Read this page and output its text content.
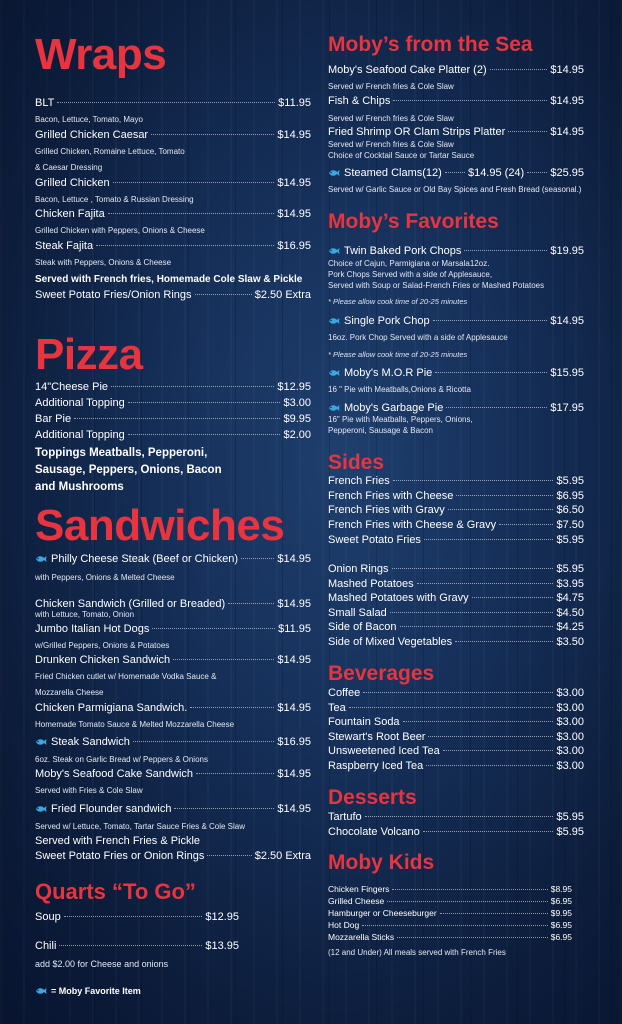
Wraps
BLT	$11.95
Bacon, Lettuce, Tomato, Mayo
Grilled Chicken Caesar	$14.95
Grilled Chicken, Romaine Lettuce, Tomato
& Caesar Dressing
Grilled Chicken	$14.95
Bacon, Lettuce , Tomato & Russian Dressing
Chicken Fajita	$14.95
Grilled Chicken with Peppers, Onions & Cheese
Steak Fajita	$16.95
Steak with Peppers, Onions & Cheese
Served with French fries, Homemade Cole Slaw & Pickle
Sweet Potato Fries/Onion Rings	$2.50 Extra
Pizza
14"Cheese Pie	$12.95
Additional Topping	$3.00
Bar Pie	$9.95
Additional Topping	$2.00
Toppings Meatballs, Pepperoni,
Sausage, Peppers, Onions, Bacon
and Mushrooms
Sandwiches
Philly Cheese Steak (Beef or Chicken)	$14.95
with Peppers, Onions & Melted Cheese
Chicken Sandwich (Grilled or Breaded)	$14.95
with Lettuce, Tomato, Onion
Jumbo Italian Hot Dogs	$11.95
w/Grilled Peppers, Onions & Potatoes
Drunken Chicken Sandwich	$14.95
Fried Chicken cutlet w/ Homemade Vodka Sauce &
Mozzarella Cheese
Chicken Parmigiana Sandwich.	$14.95
Homemade Tomato Sauce & Melted Mozzarella Cheese
Steak Sandwich	$16.95
6oz. Steak on Garlic Bread w/ Peppers & Onions
Moby's Seafood Cake Sandwich	$14.95
Served with Fries & Cole Slaw
Fried Flounder sandwich	$14.95
Served w/ Lettuce, Tomato, Tartar Sauce Fries & Cole Slaw
Served with French Fries & Pickle
Sweet Potato Fries or Onion Rings	$2.50 Extra
Quarts “To Go”
Soup	$12.95
Chili	$13.95
add $2.00 for Cheese and onions
= Moby Favorite Item
Moby’s from the Sea
Moby's Seafood Cake Platter (2)	$14.95
Served w/ French fries & Cole Slaw
Fish & Chips	$14.95
Served w/ French fries & Cole Slaw
Fried Shrimp OR Clam Strips Platter	$14.95
Served w/ French fries & Cole Slaw
Choice of Cocktail Sauce or Tartar Sauce
Steamed Clams(12) $14.95 (24) $25.95
Served w/ Garlic Sauce or Old Bay Spices and Fresh Bread (seasonal.)
Moby’s Favorites
Twin Baked Pork Chops	$19.95
Choice of Cajun, Parmigiana or Marsala12oz.
Pork Chops Served with a side of Applesauce,
Served with Soup or Salad-French Fries or Mashed Potatoes
* Please allow cook time of 20-25 minutes
Single Pork Chop	$14.95
16oz. Pork Chop Served with a side of Applesauce
* Please allow cook time of 20-25 minutes
Moby's M.O.R Pie	$15.95
16 " Pie with Meatballs,Onions & Ricotta
Moby's Garbage Pie	$17.95
16" Pie with Meatballs, Peppers, Onions,
Pepperoni, Sausage & Bacon
Sides
French Fries	$5.95
French Fries with Cheese	$6.95
French Fries with Gravy	$6.50
French Fries with Cheese & Gravy	$7.50
Sweet Potato Fries	$5.95
Onion Rings	$5.95
Mashed Potatoes	$3.95
Mashed Potatoes with Gravy	$4.75
Small Salad	$4.50
Side of Bacon	$4.25
Side of Mixed Vegetables	$3.50
Beverages
Coffee	$3.00
Tea	$3.00
Fountain Soda	$3.00
Stewart's Root Beer	$3.00
Unsweetened Iced Tea	$3.00
Raspberry Iced Tea	$3.00
Desserts
Tartufo	$5.95
Chocolate Volcano	$5.95
Moby Kids
Chicken Fingers	$8.95
Grilled Cheese	$6.95
Hamburger or Cheeseburger	$9.95
Hot Dog	$6.95
Mozzarella Sticks	$6.95
(12 and Under) All meals served with French Fries
